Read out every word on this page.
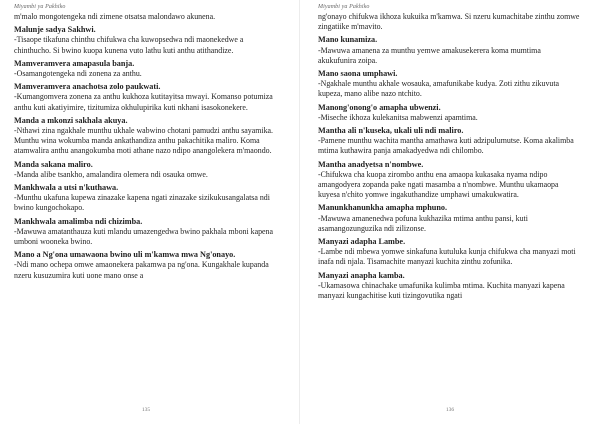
Miyambi ya Pakhiko

m'malo mongotengeka ndi zimene otsatsa malondawo akunena.

Malunje sadya Sakhwi.

-Tisaope tikafuna chinthu chifukwa cha kuwopsedwa ndi maonekedwe a chinthucho. Si bwino kuopa kunena vuto lathu kuti anthu atithandize.

Mamveramvera amapasula banja.

-Osamangotengeka ndi zonena za anthu.

Mamveramvera anachotsa zolo paukwati.

-Kumangomvera zonena za anthu kukhoza kutitayitsa mwayi. Komanso potumiza anthu kuti akatiyimire, tizitumiza okhulupirika kuti nkhani isasokonekere.

Manda a mkonzi sakhala akuya.

-Nthawi zina ngakhale munthu ukhale wabwino chotani pamudzi anthu sayamika. Munthu wina wokumba manda ankathandiza anthu pakachitika maliro. Koma atamwalira anthu anangokumba moti athane nazo ndipo anangolekera m'maondo.

Manda sakana maliro.

-Manda alibe tsankho, amalandira olemera ndi osauka omwe.

Mankhwala a utsi n'kuthawa.

-Munthu ukafuna kupewa zinazake kapena ngati zinazake sizikukusangalatsa ndi bwino kungochokapo.

Mankhwala amalimba ndi chizimba.

-Mawuwa amatanthauza kuti mlandu umazengedwa bwino pakhala mboni kapena umboni wooneka bwino.

Mano a Ng'ona umawaona bwino uli m'kamwa mwa Ng'onayo.

-Ndi mano ochepa omwe amaonekera pakamwa pa ng'ona. Kungakhale kupanda nzeru kusuzumira kuti uone mano onse a

135
Miyambi ya Pakhiko

ng'onayo chifukwa ikhoza kukuika m'kamwa. Si nzeru kumachitabe zinthu zomwe zingatiike m'mavito.

Mano kunamiza.

-Mawuwa amanena za munthu yemwe amakusekerera koma mumtima akukufunira zoipa.

Mano saona umphawi.

-Ngakhale munthu akhale wosauka, amafunikabe kudya. Zoti zithu zikuvuta kupeza, mano alibe nazo ntchito.

Manong'onong'o amapha ubwenzi.

-Miseche ikhoza kulekanitsa mabwenzi apamtima.

Mantha ali n'kuseka, ukali uli ndi maliro.

-Pamene munthu wachita mantha amathawa kuti adzipulumutse. Koma akalimba mtima kuthawira panja amakadyedwa ndi chilombo.

Mantha anadyetsa n'nombwe.

-Chifukwa cha kuopa zirombo anthu ena amaopa kukasaka nyama ndipo amangodyera zopanda pake ngati masamba a n'nombwe. Munthu ukamaopa kuyesa n'chito yomwe ingakuthandize umphawi umakukwatira.

Manunkhanunkha amapha mphuno.

-Mawuwa amanenedwa pofuna kukhazika mtima anthu pansi, kuti asamangozunguzika ndi zilizonse.

Manyazi adapha Lambe.

-Lambe ndi mbewa yomwe sinkafuna kutuluka kunja chifukwa cha manyazi moti inafa ndi njala. Tisamachite manyazi kuchita zinthu zofunika.

Manyazi anapha kamba.

-Ukamasowa chinachake umafunika kulimba mtima. Kuchita manyazi kapena manyazi kungachitise kuti tizingovutika ngati

136
